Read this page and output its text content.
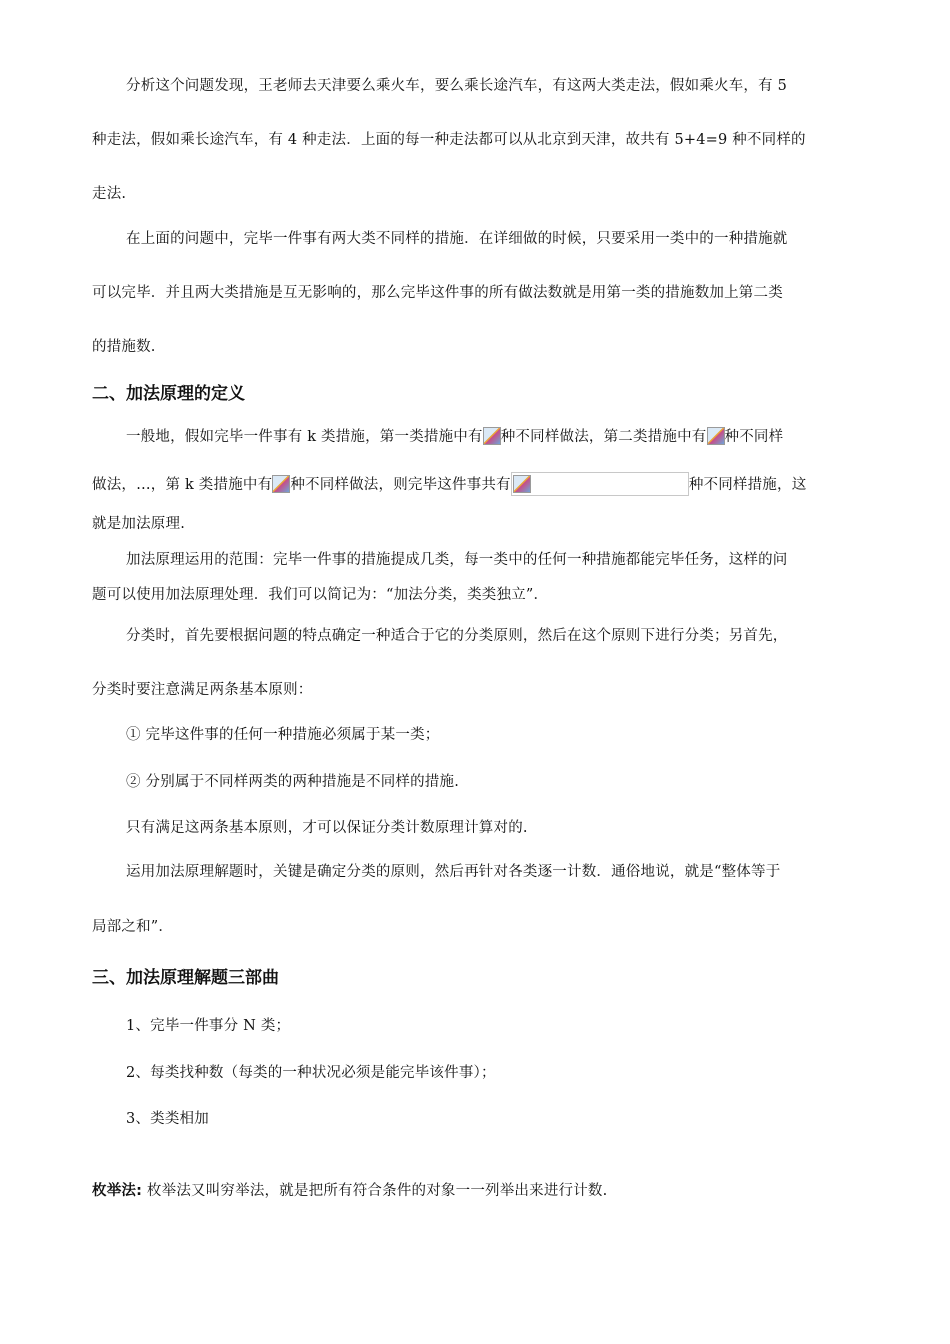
分析这个问题发现，王老师去天津要么乘火车，要么乘长途汽车，有这两大类走法，假如乘火车，有 5
种走法，假如乘长途汽车，有 4 种走法．上面的每一种走法都可以从北京到天津，故共有 5+4=9 种不同样的
走法.
在上面的问题中，完毕一件事有两大类不同样的措施．在详细做的时候，只要采用一类中的一种措施就
可以完毕．并且两大类措施是互无影响的，那么完毕这件事的所有做法数就是用第一类的措施数加上第二类
的措施数.
二、加法原理的定义
一般地，假如完毕一件事有 k 类措施，第一类措施中有 种不同样做法，第二类措施中有 种不同样
做法，…，第 k 类措施中有 种不同样做法，则完毕这件事共有	种不同样措施，这
就是加法原理.
加法原理运用的范围：完毕一件事的措施提成几类，每一类中的任何一种措施都能完毕任务，这样的问
题可以使用加法原理处理．我们可以简记为：“加法分类，类类独立”．
分类时，首先要根据问题的特点确定一种适合于它的分类原则，然后在这个原则下进行分类；另首先，
分类时要注意满足两条基本原则：
① 完毕这件事的任何一种措施必须属于某一类；
② 分别属于不同样两类的两种措施是不同样的措施.
只有满足这两条基本原则，才可以保证分类计数原理计算对的.
运用加法原理解题时，关键是确定分类的原则，然后再针对各类逐一计数．通俗地说，就是“整体等于
局部之和”．
三、加法原理解题三部曲
1、完毕一件事分 N 类；
2、每类找种数（每类的一种状况必须是能完毕该件事）；
3、类类相加
枚举法: 枚举法又叫穷举法，就是把所有符合条件的对象一一列举出来进行计数.
